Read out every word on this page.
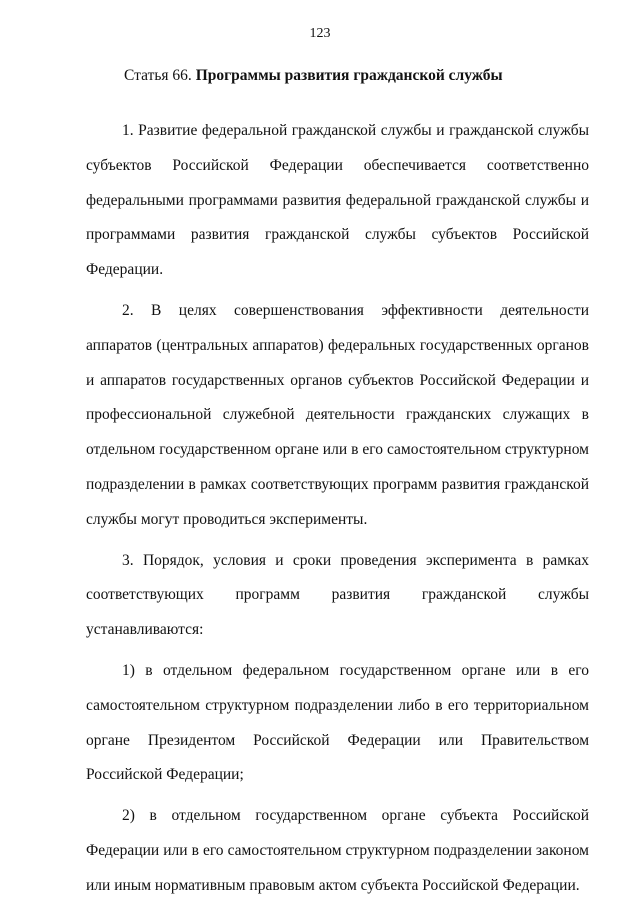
123
Статья 66. Программы развития гражданской службы

1. Развитие федеральной гражданской службы и гражданской службы субъектов Российской Федерации обеспечивается соответственно федеральными программами развития федеральной гражданской службы и программами развития гражданской службы субъектов Российской Федерации.

2. В целях совершенствования эффективности деятельности аппаратов (центральных аппаратов) федеральных государственных органов и аппаратов государственных органов субъектов Российской Федерации и профессиональной служебной деятельности гражданских служащих в отдельном государственном органе или в его самостоятельном структурном подразделении в рамках соответствующих программ развития гражданской службы могут проводиться эксперименты.

3. Порядок, условия и сроки проведения эксперимента в рамках соответствующих программ развития гражданской службы устанавливаются:

1) в отдельном федеральном государственном органе или в его самостоятельном структурном подразделении либо в его территориальном органе Президентом Российской Федерации или Правительством Российской Федерации;

2) в отдельном государственном органе субъекта Российской Федерации или в его самостоятельном структурном подразделении законом или иным нормативным правовым актом субъекта Российской Федерации.
